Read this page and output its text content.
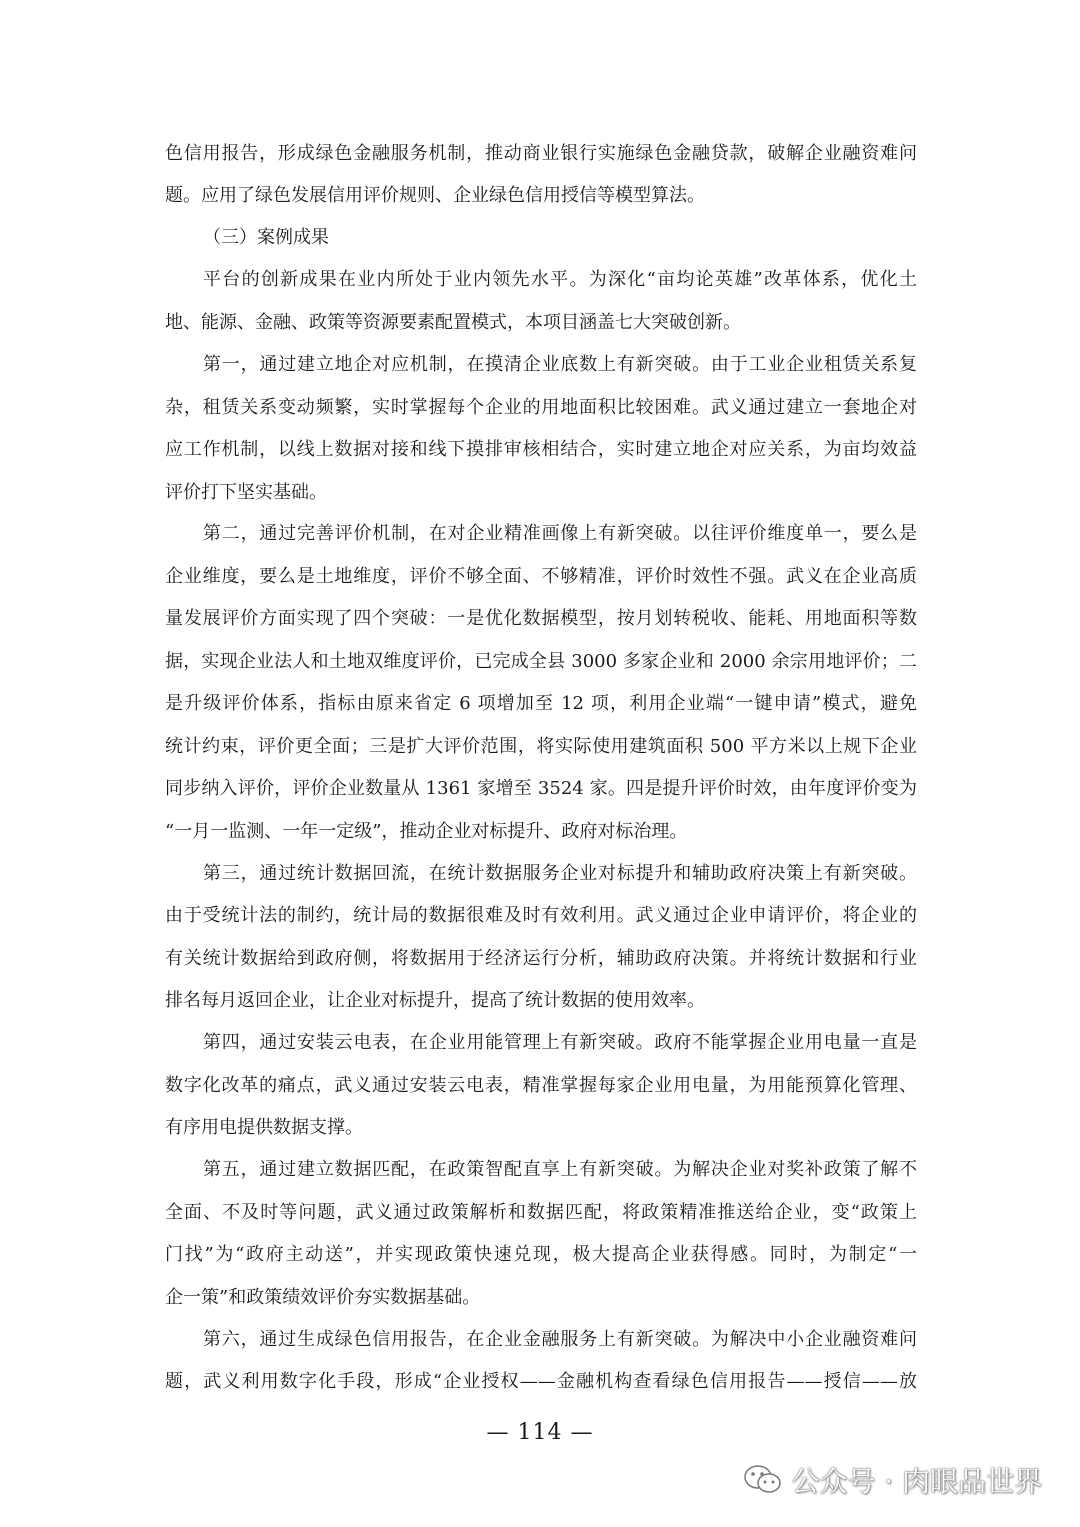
色信用报告，形成绿色金融服务机制，推动商业银行实施绿色金融贷款，破解企业融资难问
题。应用了绿色发展信用评价规则、企业绿色信用授信等模型算法。
（三）案例成果
平台的创新成果在业内所处于业内领先水平。为深化“亩均论英雄”改革体系，优化土
地、能源、金融、政策等资源要素配置模式，本项目涵盖七大突破创新。
第一，通过建立地企对应机制，在摸清企业底数上有新突破。由于工业企业租赁关系复
杂，租赁关系变动频繁，实时掌握每个企业的用地面积比较困难。武义通过建立一套地企对
应工作机制，以线上数据对接和线下摸排审核相结合，实时建立地企对应关系，为亩均效益
评价打下坚实基础。
第二，通过完善评价机制，在对企业精准画像上有新突破。以往评价维度单一，要么是
企业维度，要么是土地维度，评价不够全面、不够精准，评价时效性不强。武义在企业高质
量发展评价方面实现了四个突破：一是优化数据模型，按月划转税收、能耗、用地面积等数
据，实现企业法人和土地双维度评价，已完成全县 3000 多家企业和 2000 余宗用地评价；二
是升级评价体系，指标由原来省定 6 项增加至 12 项，利用企业端“一键申请”模式，避免
统计约束，评价更全面；三是扩大评价范围，将实际使用建筑面积 500 平方米以上规下企业
同步纳入评价，评价企业数量从 1361 家增至 3524 家。四是提升评价时效，由年度评价变为
“一月一监测、一年一定级”，推动企业对标提升、政府对标治理。
第三，通过统计数据回流，在统计数据服务企业对标提升和辅助政府决策上有新突破。
由于受统计法的制约，统计局的数据很难及时有效利用。武义通过企业申请评价，将企业的
有关统计数据给到政府侧，将数据用于经济运行分析，辅助政府决策。并将统计数据和行业
排名每月返回企业，让企业对标提升，提高了统计数据的使用效率。
第四，通过安装云电表，在企业用能管理上有新突破。政府不能掌握企业用电量一直是
数字化改革的痛点，武义通过安装云电表，精准掌握每家企业用电量，为用能预算化管理、
有序用电提供数据支撑。
第五，通过建立数据匹配，在政策智配直享上有新突破。为解决企业对奖补政策了解不
全面、不及时等问题，武义通过政策解析和数据匹配，将政策精准推送给企业，变“政策上
门找”为“政府主动送”，并实现政策快速兑现，极大提高企业获得感。同时，为制定“一
企一策”和政策绩效评价夯实数据基础。
第六，通过生成绿色信用报告，在企业金融服务上有新突破。为解决中小企业融资难问
题，武义利用数字化手段，形成“企业授权——金融机构查看绿色信用报告——授信——放
— 114 —
公众号 · 肉眼品世界
